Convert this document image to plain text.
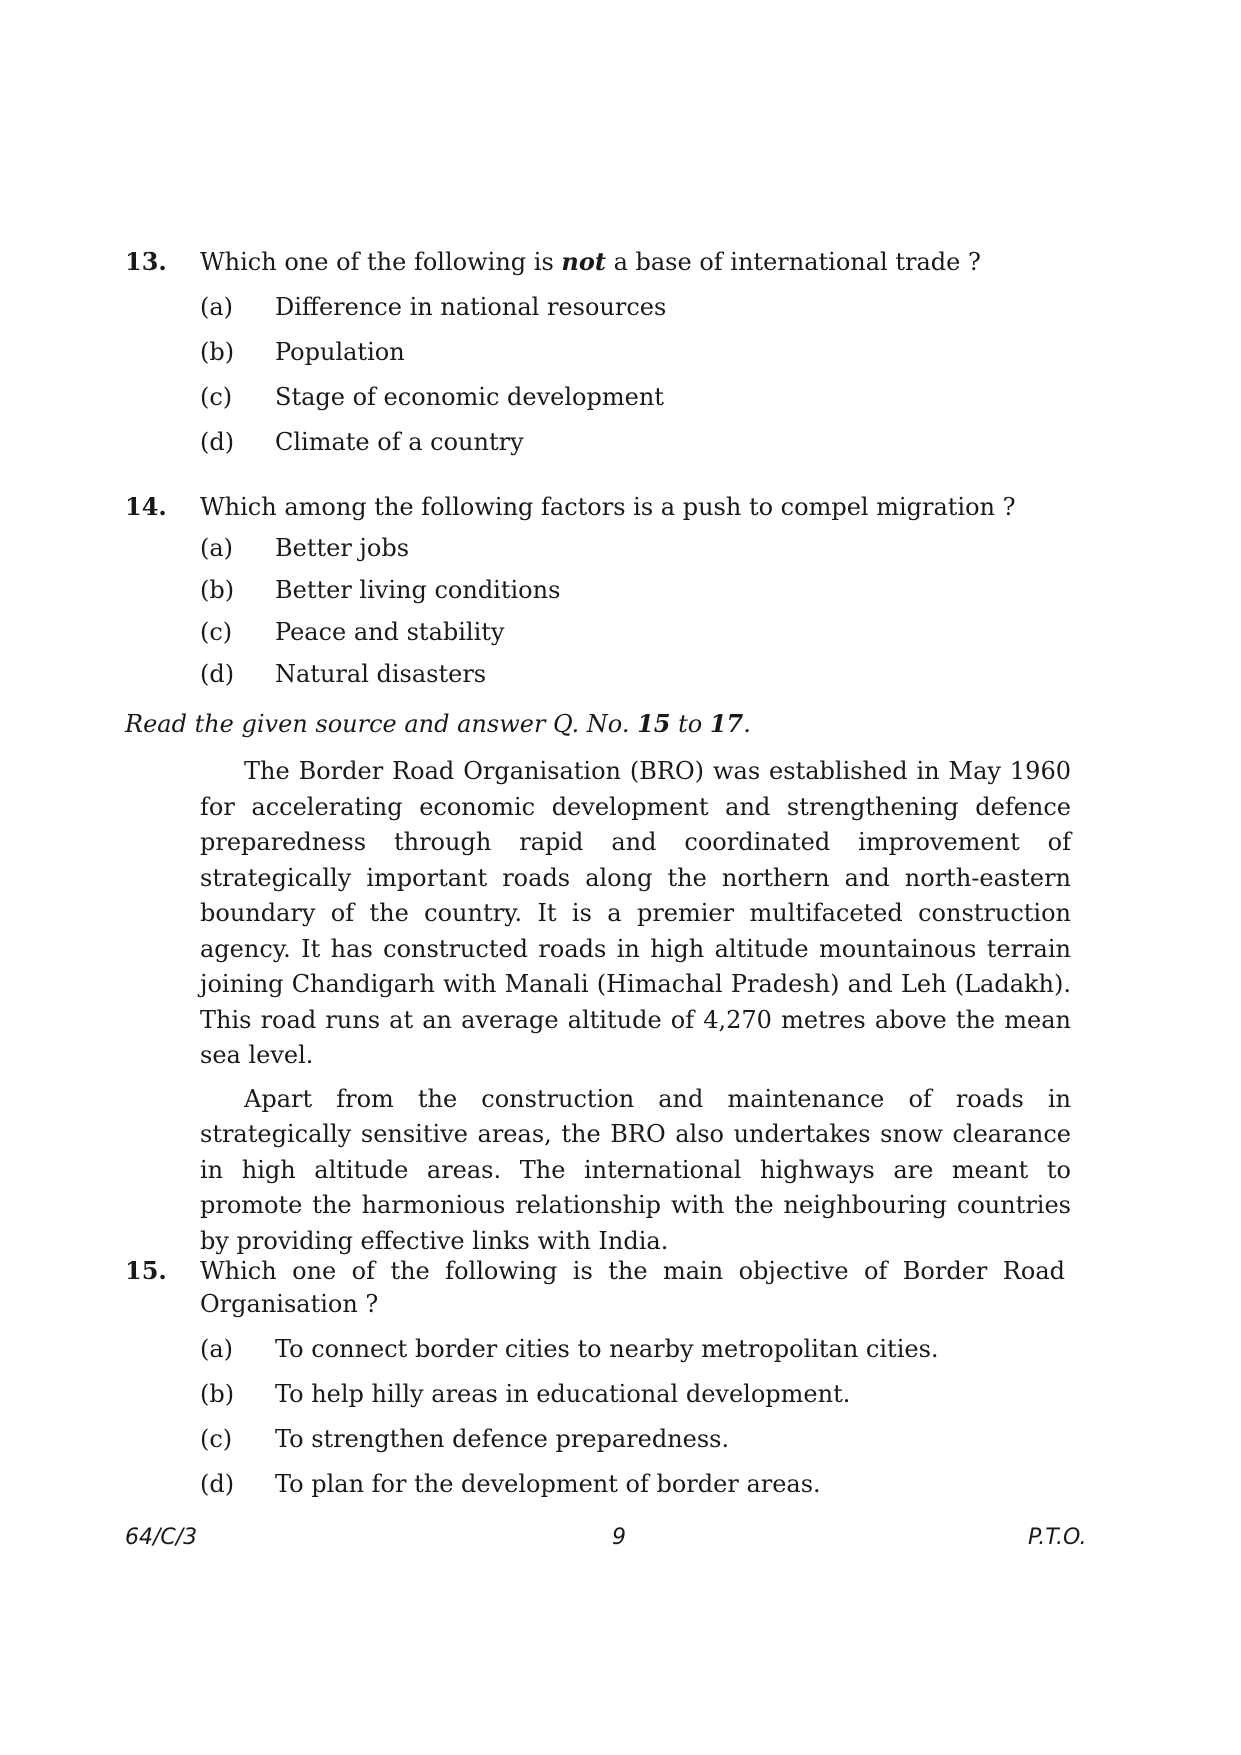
13.	Which one of the following is not a base of international trade ?
(a)	Difference in national resources
(b)	Population
(c)	Stage of economic development
(d)	Climate of a country
14.	Which among the following factors is a push to compel migration ?
(a)	Better jobs
(b)	Better living conditions
(c)	Peace and stability
(d)	Natural disasters
Read the given source and answer Q. No. 15 to 17.

The Border Road Organisation (BRO) was established in May 1960 for accelerating economic development and strengthening defence preparedness through rapid and coordinated improvement of strategically important roads along the northern and north-eastern boundary of the country. It is a premier multifaceted construction agency. It has constructed roads in high altitude mountainous terrain joining Chandigarh with Manali (Himachal Pradesh) and Leh (Ladakh). This road runs at an average altitude of 4,270 metres above the mean sea level.

Apart from the construction and maintenance of roads in strategically sensitive areas, the BRO also undertakes snow clearance in high altitude areas. The international highways are meant to promote the harmonious relationship with the neighbouring countries by providing effective links with India.

15.	Which one of the following is the main objective of Border Road
Organisation ?
(a)	To connect border cities to nearby metropolitan cities.
(b)	To help hilly areas in educational development.
(c)	To strengthen defence preparedness.
(d)	To plan for the development of border areas.
64/C/3	9	P.T.O.
